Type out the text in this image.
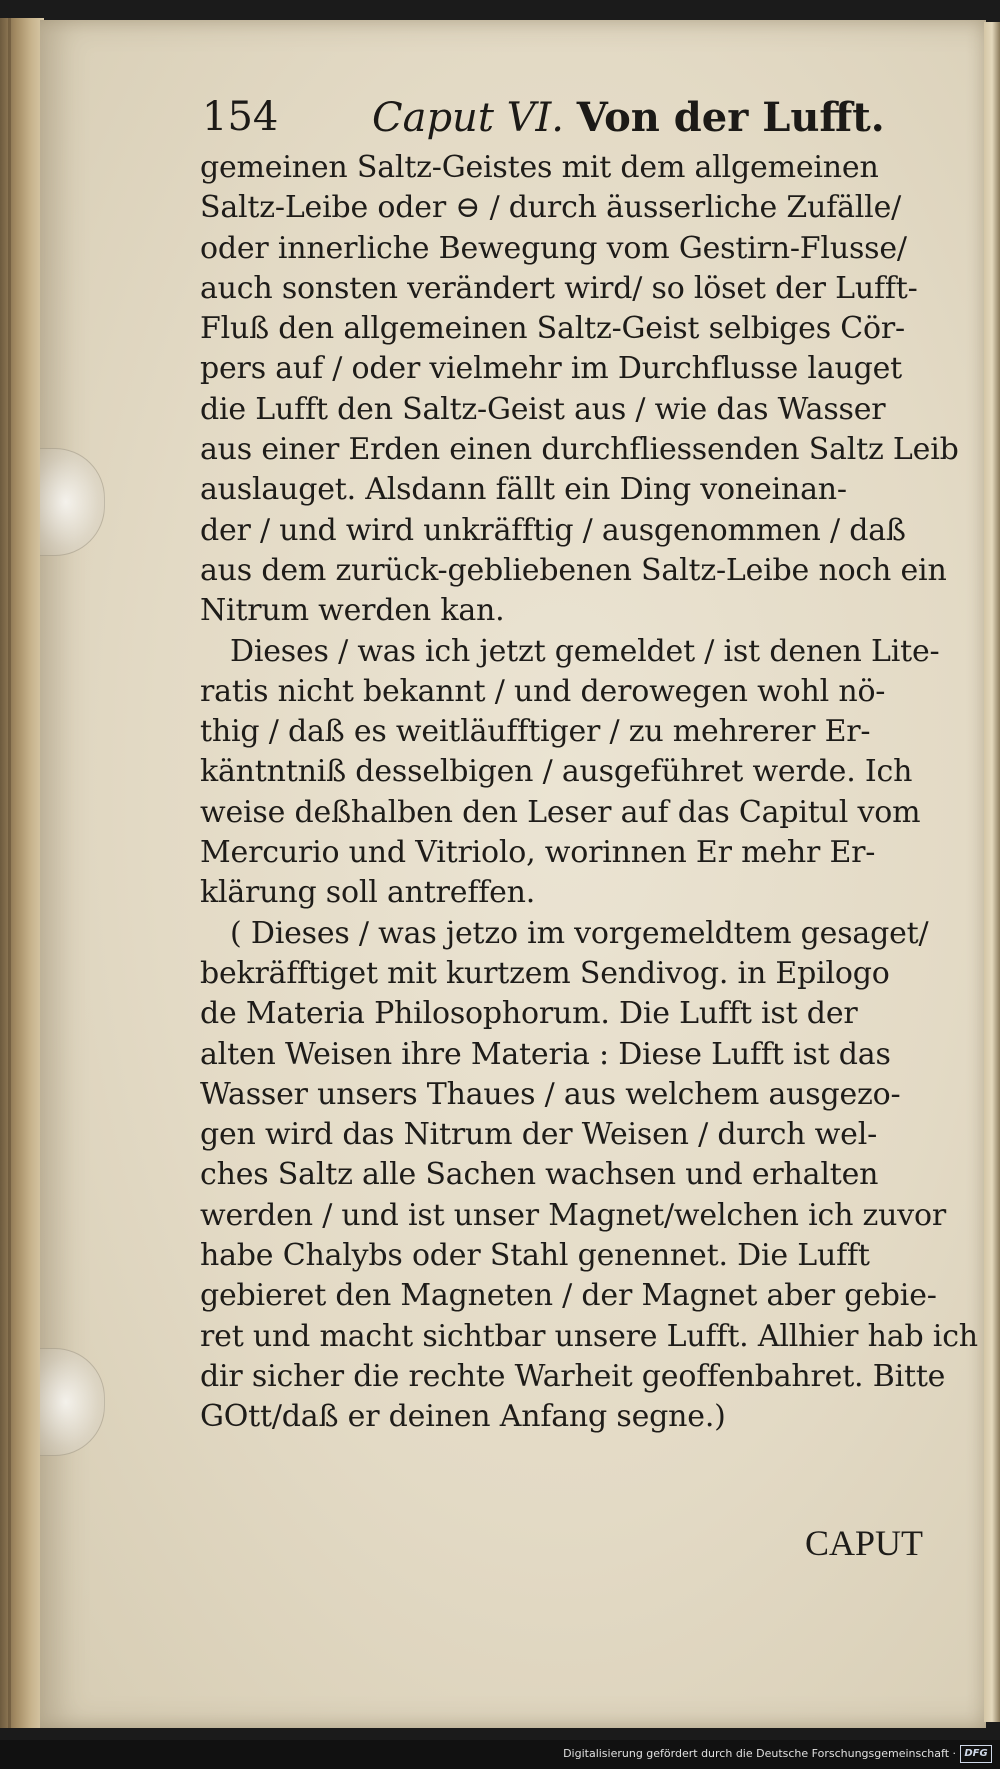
154 Caput VI. Von der Lufft.
gemeinen Saltz-Geistes mit dem allgemeinen
Saltz-Leibe oder ⊖ / durch äusserliche Zufälle/
oder innerliche Bewegung vom Gestirn-Flusse/
auch sonsten verändert wird/ so löset der Lufft-
Fluß den allgemeinen Saltz-Geist selbiges Cör-
pers auf / oder vielmehr im Durchflusse lauget
die Lufft den Saltz-Geist aus / wie das Wasser
aus einer Erden einen durchfliessenden Saltz Leib
auslauget. Alsdann fällt ein Ding voneinan-
der / und wird unkräfftig / ausgenommen / daß
aus dem zurück-gebliebenen Saltz-Leibe noch ein
Nitrum werden kan.
Dieses / was ich jetzt gemeldet / ist denen Lite-
ratis nicht bekannt / und derowegen wohl nö-
thig / daß es weitläufftiger / zu mehrerer Er-
käntntniß desselbigen / ausgeführet werde. Ich
weise deßhalben den Leser auf das Capitul vom
Mercurio und Vitriolo, worinnen Er mehr Er-
klärung soll antreffen.
( Dieses / was jetzo im vorgemeldtem gesaget/
bekräfftiget mit kurtzem Sendivog. in Epilogo
de Materia Philosophorum. Die Lufft ist der
alten Weisen ihre Materia : Diese Lufft ist das
Wasser unsers Thaues / aus welchem ausgezo-
gen wird das Nitrum der Weisen / durch wel-
ches Saltz alle Sachen wachsen und erhalten
werden / und ist unser Magnet/welchen ich zuvor
habe Chalybs oder Stahl genennet. Die Lufft
gebieret den Magneten / der Magnet aber gebie-
ret und macht sichtbar unsere Lufft. Allhier hab ich
dir sicher die rechte Warheit geoffenbahret. Bitte
GOtt/daß er deinen Anfang segne.)
CAPUT
Digitalisierung gefördert durch die Deutsche Forschungsgemeinschaft · DFG
